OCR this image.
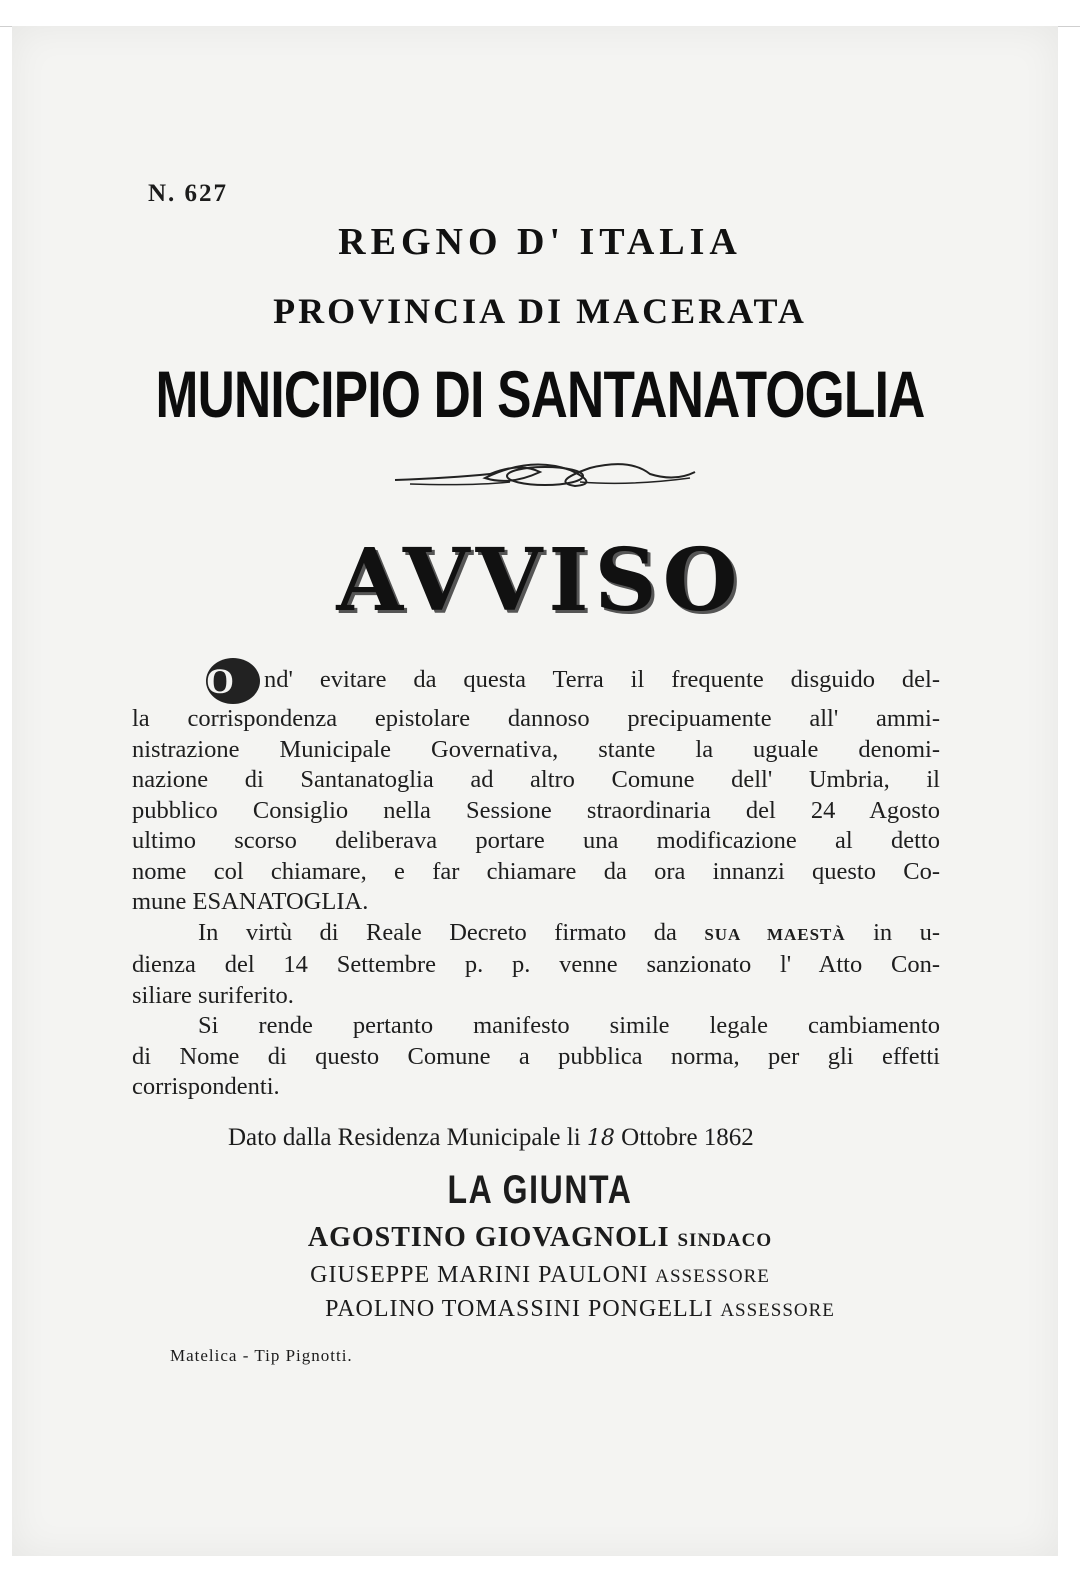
N. 627
REGNO D' ITALIA
PROVINCIA DI MACERATA
MUNICIPIO DI SANTANATOGLIA
AVVISO
O nd' evitare da questa Terra il frequente disguido del-
la corrispondenza epistolare dannoso precipuamente all' ammi-
nistrazione Municipale Governativa, stante la uguale denomi-
nazione di Santanatoglia ad altro Comune dell' Umbria, il
pubblico Consiglio nella Sessione straordinaria del 24 Agosto
ultimo scorso deliberava portare una modificazione al detto
nome col chiamare, e far chiamare da ora innanzi questo Co-
mune ESANATOGLIA.
In virtù di Reale Decreto firmato da SUA MAESTÀ in u-
dienza del 14 Settembre p. p. venne sanzionato l' Atto Con-
siliare suriferito.
Si rende pertanto manifesto simile legale cambiamento
di Nome di questo Comune a pubblica norma, per gli effetti
corrispondenti.
Dato dalla Residenza Municipale li 18 Ottobre 1862
LA GIUNTA
AGOSTINO GIOVAGNOLI SINDACO
GIUSEPPE MARINI PAULONI ASSESSORE
PAOLINO TOMASSINI PONGELLI ASSESSORE
Matelica - Tip Pignotti.
